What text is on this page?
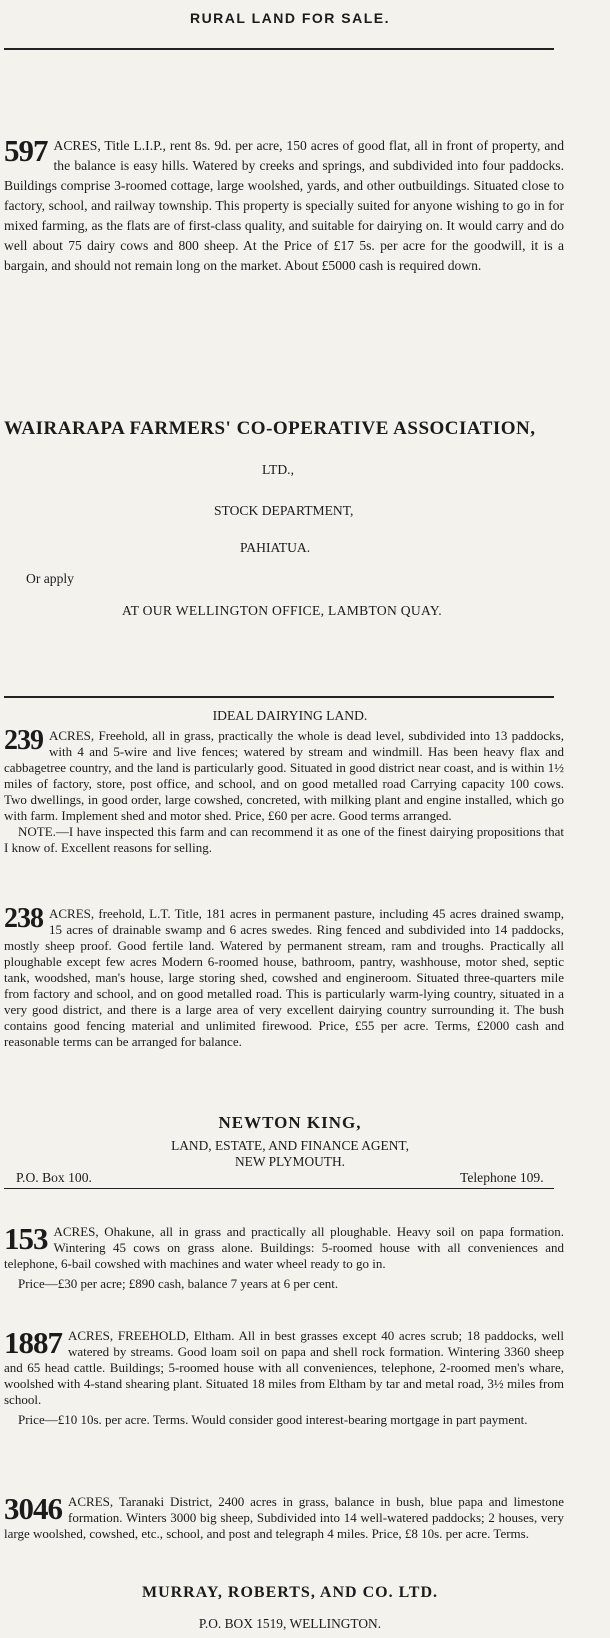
RURAL LAND FOR SALE.
597 ACRES, Title L.I.P., rent 8s. 9d. per acre, 150 acres of good flat, all in front of property, and the balance is easy hills. Watered by creeks and springs, and subdivided into four paddocks. Buildings comprise 3-roomed cottage, large woolshed, yards, and other outbuildings. Situated close to factory, school, and railway township. This property is specially suited for anyone wishing to go in for mixed farming, as the flats are of first-class quality, and suitable for dairying on. It would carry and do well about 75 dairy cows and 800 sheep. At the Price of £17 5s. per acre for the goodwill, it is a bargain, and should not remain long on the market. About £5000 cash is required down.
WAIRARAPA FARMERS' CO-OPERATIVE ASSOCIATION,
LTD.,
STOCK DEPARTMENT,
PAHIATUA.
Or apply
AT OUR WELLINGTON OFFICE, LAMBTON QUAY.
IDEAL DAIRYING LAND.
239 ACRES, Freehold, all in grass, practically the whole is dead level, subdivided into 13 paddocks, with 4 and 5-wire and live fences; watered by stream and windmill. Has been heavy flax and cabbagetree country, and the land is particularly good. Situated in good district near coast, and is within 1½ miles of factory, store, post office, and school, and on good metalled road Carrying capacity 100 cows. Two dwellings, in good order, large cowshed, concreted, with milking plant and engine installed, which go with farm. Implement shed and motor shed. Price, £60 per acre. Good terms arranged.
NOTE.—I have inspected this farm and can recommend it as one of the finest dairying propositions that I know of. Excellent reasons for selling.
238 ACRES, freehold, L.T. Title, 181 acres in permanent pasture, including 45 acres drained swamp, 15 acres of drainable swamp and 6 acres swedes. Ring fenced and subdivided into 14 paddocks, mostly sheep proof. Good fertile land. Watered by permanent stream, ram and troughs. Practically all ploughable except few acres Modern 6-roomed house, bathroom, pantry, washhouse, motor shed, septic tank, woodshed, man's house, large storing shed, cowshed and engineroom. Situated three-quarters mile from factory and school, and on good metalled road. This is particularly warm-lying country, situated in a very good district, and there is a large area of very excellent dairying country surrounding it. The bush contains good fencing material and unlimited firewood. Price, £55 per acre. Terms, £2000 cash and reasonable terms can be arranged for balance.
NEWTON KING,
LAND, ESTATE, AND FINANCE AGENT,
NEW PLYMOUTH.
P.O. Box 100.	Telephone 109.
153 ACRES, Ohakune, all in grass and practically all ploughable. Heavy soil on papa formation. Wintering 45 cows on grass alone. Buildings: 5-roomed house with all conveniences and telephone, 6-bail cowshed with machines and water wheel ready to go in.
Price—£30 per acre; £890 cash, balance 7 years at 6 per cent.
1887 ACRES, FREEHOLD, Eltham. All in best grasses except 40 acres scrub; 18 paddocks, well watered by streams. Good loam soil on papa and shell rock formation. Wintering 3360 sheep and 65 head cattle. Buildings; 5-roomed house with all conveniences, telephone, 2-roomed men's whare, woolshed with 4-stand shearing plant. Situated 18 miles from Eltham by tar and metal road, 3½ miles from school.
Price—£10 10s. per acre. Terms. Would consider good interest-bearing mortgage in part payment.
3046 ACRES, Taranaki District, 2400 acres in grass, balance in bush, blue papa and limestone formation. Winters 3000 big sheep, Subdivided into 14 well-watered paddocks; 2 houses, very large woolshed, cowshed, etc., school, and post and telegraph 4 miles. Price, £8 10s. per acre. Terms.
MURRAY, ROBERTS, AND CO. LTD.
P.O. BOX 1519, WELLINGTON.
